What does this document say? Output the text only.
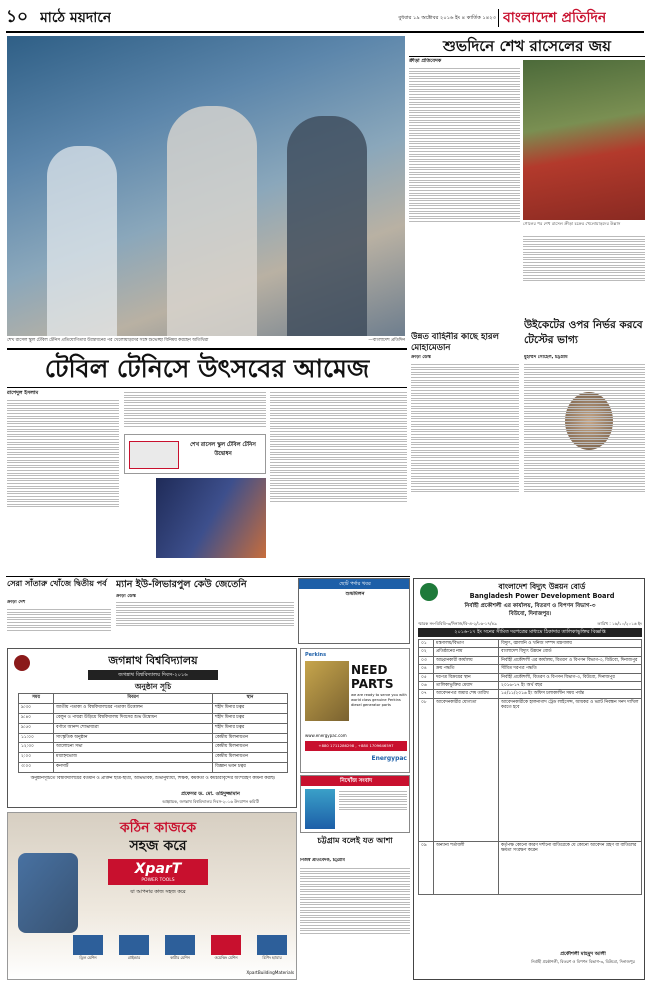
১০ মাঠে ময়দানে	বুধবার ১৯ অক্টোবর ২০১৬ ইং ৪ কার্তিক ১৪২৩ বাংলাদেশ প্রতিদিন
শেখ রাসেল স্কুল টেবিল টেনিস প্রতিযোগিতার উদ্বোধনের পর খেলোয়াড়দের সঙ্গে শুভেচ্ছা বিনিময় করছেন অতিথিরা	—বাংলাদেশ প্রতিদিন
শুভদিনে শেখ রাসেলের জয়
ক্রীড়া প্রতিবেদক
গোলের পর শেখ রাসেল ক্রীড়া চক্রের খেলোয়াড়দের উল্লাস
টেবিল টেনিসে উৎসবের আমেজ
রাশেদুল ইসলাম
শেখ রাসেল স্কুল টেবিল টেনিস উদ্বোধন
উন্নত বাহিনীর কাছে হারল মোহামেডান
ক্রীড়া ডেস্ক
উইকেটের ওপর নির্ভর করবে টেস্টের ভাগ্য
মুহাম্মদ সোহেল, চট্টগ্রাম
সেরা সাঁতারু খোঁজে দ্বিতীয় পর্ব
ক্রীড়া দেশ
ম্যান ইউ-লিভারপুল কেউ জেতেনি
ক্রীড়া ডেস্ক
ছোট পর্দার খবর
শুভমিলন
জগন্নাথ বিশ্ববিদ্যালয়
জগন্নাথ বিশ্ববিদ্যালয় দিবস-২০১৬
অনুষ্ঠান সূচি
সময়	বিবরণ	স্থান
৯:৩০	জাতীয় পতাকা ও বিশ্ববিদ্যালয়ের পতাকা উত্তোলন	শহীদ মিনার চত্বর
৯:৪০	বেলুন ও পায়রা উড়িয়ে বিশ্ববিদ্যালয় দিবসের শুভ উদ্বোধন	শহীদ মিনার চত্বর
৯:৫০	বর্ণাঢ্য আনন্দ শোভাযাত্রা	শহীদ মিনার চত্বর
১১:০০	সাংস্কৃতিক অনুষ্ঠান	কেন্দ্রীয় মিলনায়তন
১২:৩০	আলোচনা সভা	কেন্দ্রীয় মিলনায়তন
২:০০	মধ্যাহ্নভোজ	কেন্দ্রীয় মিলনায়তন
৩:০০	কনসার্ট	বিজ্ঞান ভবন চত্বর
অনুষ্ঠানসূচিতে বিশ্ববিদ্যালয়ের বর্তমান ও প্রাক্তন ছাত্র-ছাত্রী, অভিভাবক, শুভানুধ্যায়ী, শিক্ষক, কর্মকর্তা ও কর্মচারীবৃন্দের অংশগ্রহণ কামনা করছি।
প্রফেসর ড. মো. ওহিদুজ্জামান
আহ্বায়ক, জগন্নাথ বিশ্ববিদ্যালয় দিবস-২০১৬ উদযাপন কমিটি
কঠিন কাজকে
সহজ করে
XparT
POWER TOOLS
যা আপনার কাজ সহজ করে
ড্রিল মেশিন	গ্রাইন্ডার	কাটার মেশিন	ওয়েল্ডিং মেশিন	চিপিং হ্যামার
XpartBuildingMaterials
Perkins
NEED PARTS
we are ready to serve you with world class genuine Perkins diesel generator parts
www.energypac.com
+880 1711286298 , +880 1709646597
Energypac
নিখোঁজ সংবাদ
চট্টগ্রাম বলেই যত আশা
নিজস্ব প্রতিবেদক, চট্টগ্রাম
বাংলাদেশ বিদ্যুৎ উন্নয়ন বোর্ড
Bangladesh Power Development Board
নির্বাহী প্রকৌশলী এর কার্যালয়, বিতরণ ও বিপণন বিভাগ-৩
বিউবো, দিনাজপুর।
স্মারক নং-বিবিবি-৩/দিনাজ/বি-এ-২/১৬-১৭/৪৯	তারিখ : ১৬/১০/২০১৬ ইং
২০১৬-১৭ ইং সনের সীমিত দরপত্রের মাধ্যমে ঠিকাদার তালিকাভুক্তির বিজ্ঞপ্তি
০১	মন্ত্রণালয়/বিভাগ	বিদ্যুৎ, জ্বালানি ও খনিজ সম্পদ মন্ত্রণালয়
০২	প্রতিষ্ঠানের নাম	বাংলাদেশ বিদ্যুৎ উন্নয়ন বোর্ড
০৩	আহ্বানকারী কার্যালয়	নির্বাহী প্রকৌশলী এর কার্যালয়, বিতরণ ও বিপণন বিভাগ-৩, বিউবো, দিনাজপুর
০৪	ক্রয় পদ্ধতি	সীমিত দরপত্র পদ্ধতি
০৫	দরপত্র বিক্রয়ের স্থান	নির্বাহী প্রকৌশলী, বিতরণ ও বিপণন বিভাগ-৩, বিউবো, দিনাজপুর
০৬	তালিকাভুক্তির মেয়াদ	২০১৬-১৭ ইং অর্থ বছর
০৭	আবেদনপত্র জমার শেষ তারিখ	১৫/১১/২০১৬ ইং অফিস চলাকালীন সময় পর্যন্ত
০৮	আবেদনকারীর যোগ্যতা	আবেদনকারীকে হালনাগাদ ট্রেড লাইসেন্স, আয়কর ও ভ্যাট নিবন্ধন সনদ দাখিল করতে হবে
০৯	অন্যান্য শর্তাবলী	কর্তৃপক্ষ কোনো কারণ দর্শানো ব্যতিরেকে যে কোনো আবেদন গ্রহণ বা বাতিলের ক্ষমতা সংরক্ষণ করেন
প্রকৌশলী মাহমুদ আলী
নির্বাহী প্রকৌশলী, বিতরণ ও বিপণন বিভাগ-৩, বিউবো, দিনাজপুর
